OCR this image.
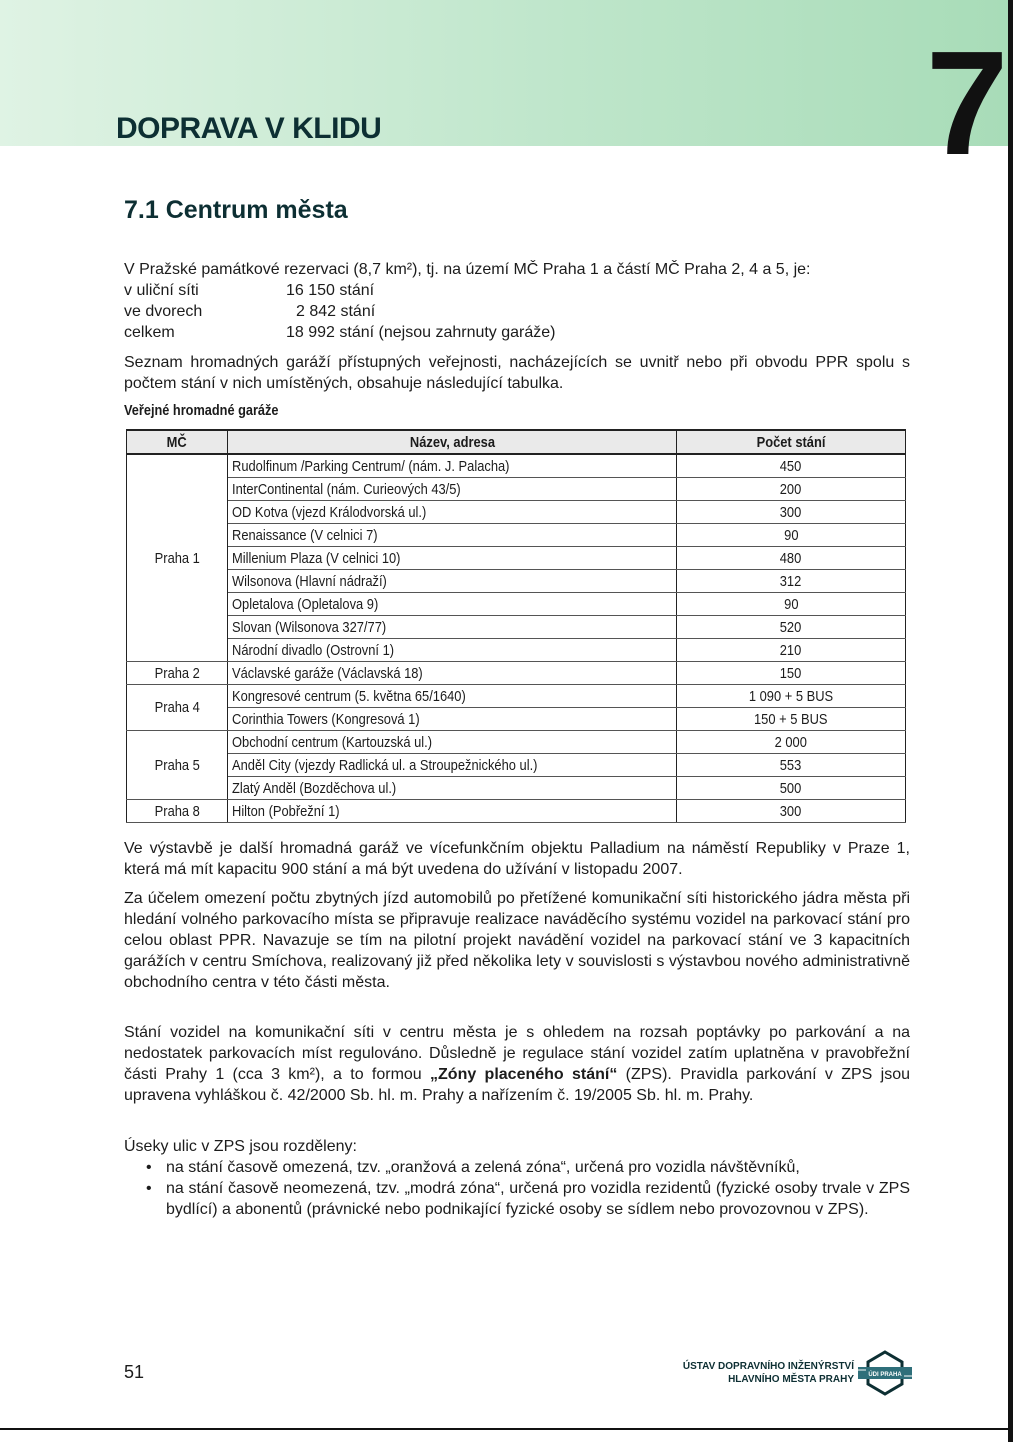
DOPRAVA V KLIDU	7
7.1 Centrum města
V Pražské památkové rezervaci (8,7 km²), tj. na území MČ Praha 1 a částí MČ Praha 2, 4 a 5, je:
v uliční síti	16 150 stání
ve dvorech	2 842 stání
celkem	18 992 stání (nejsou zahrnuty garáže)
Seznam hromadných garáží přístupných veřejnosti, nacházejících se uvnitř nebo při obvodu PPR spolu s počtem stání v nich umístěných, obsahuje následující tabulka.
Veřejné hromadné garáže
MČ	Název, adresa	Počet stání
Praha 1	Rudolfinum /Parking Centrum/ (nám. J. Palacha)	450
	InterContinental (nám. Curieových 43/5)	200
	OD Kotva (vjezd Králodvorská ul.)	300
	Renaissance (V celnici 7)	90
	Millenium Plaza (V celnici 10)	480
	Wilsonova (Hlavní nádraží)	312
	Opletalova (Opletalova 9)	90
	Slovan (Wilsonova 327/77)	520
	Národní divadlo (Ostrovní 1)	210
Praha 2	Václavské garáže (Václavská 18)	150
Praha 4	Kongresové centrum (5. května 65/1640)	1 090 + 5 BUS
	Corinthia Towers (Kongresová 1)	150 + 5 BUS
Praha 5	Obchodní centrum (Kartouzská ul.)	2 000
	Anděl City (vjezdy Radlická ul. a Stroupežnického ul.)	553
	Zlatý Anděl (Bozděchova ul.)	500
Praha 8	Hilton (Pobřežní 1)	300
Ve výstavbě je další hromadná garáž ve vícefunkčním objektu Palladium na náměstí Republiky v Praze 1, která má mít kapacitu 900 stání a má být uvedena do užívání v listopadu 2007.
Za účelem omezení počtu zbytných jízd automobilů po přetížené komunikační síti historického jádra města při hledání volného parkovacího místa se připravuje realizace naváděcího systému vozidel na parkovací stání pro celou oblast PPR. Navazuje se tím na pilotní projekt navádění vozidel na parkovací stání ve 3 kapacitních garážích v centru Smíchova, realizovaný již před několika lety v souvislosti s výstavbou nového administrativně obchodního centra v této části města.
Stání vozidel na komunikační síti v centru města je s ohledem na rozsah poptávky po parkování a na nedostatek parkovacích míst regulováno. Důsledně je regulace stání vozidel zatím uplatněna v pravobřežní části Prahy 1 (cca 3 km²), a to formou „Zóny placeného stání“ (ZPS). Pravidla parkování v ZPS jsou upravena vyhláškou č. 42/2000 Sb. hl. m. Prahy a nařízením č. 19/2005 Sb. hl. m. Prahy.
Úseky ulic v ZPS jsou rozděleny:
• na stání časově omezená, tzv. „oranžová a zelená zóna“, určená pro vozidla návštěvníků,
• na stání časově neomezená, tzv. „modrá zóna“, určená pro vozidla rezidentů (fyzické osoby trvale v ZPS bydlící) a abonentů (právnické nebo podnikající fyzické osoby se sídlem nebo provozovnou v ZPS).
51	ÚSTAV DOPRAVNÍHO INŽENÝRSTVÍ
HLAVNÍHO MĚSTA PRAHY ÚDI PRAHA
